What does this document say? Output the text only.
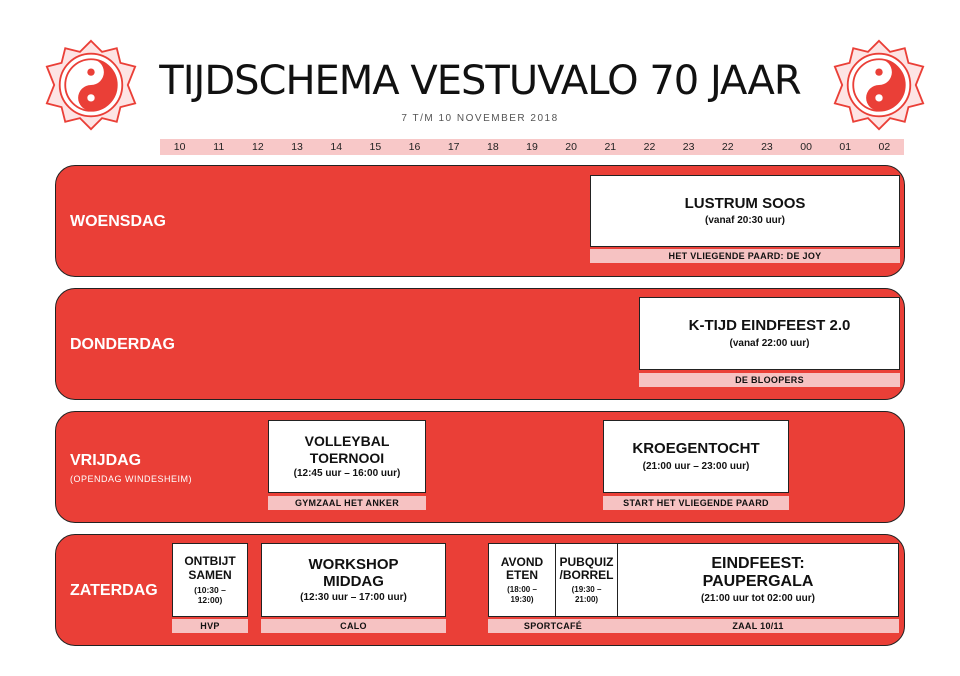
TIJDSCHEMA VESTUVALO 70 JAAR
7 T/M 10 NOVEMBER 2018
10	11	12	13	14	15	16	17	18	19	20	21	22	23	22	23	00	01	02
WOENSDAG
LUSTRUM SOOS
(vanaf 20:30 uur)
HET VLIEGENDE PAARD: DE JOY
DONDERDAG
K-TIJD EINDFEEST 2.0
(vanaf 22:00 uur)
DE BLOOPERS
VRIJDAG
(OPENDAG WINDESHEIM)
VOLLEYBAL
TOERNOOI
(12:45 uur – 16:00 uur)
GYMZAAL HET ANKER
KROEGENTOCHT
(21:00 uur – 23:00 uur)
START HET VLIEGENDE PAARD
ZATERDAG
ONTBIJT
SAMEN
(10:30 –
12:00)
HVP
WORKSHOP
MIDDAG
(12:30 uur – 17:00 uur)
CALO
AVOND
ETEN
(18:00 –
19:30)
PUBQUIZ
/BORREL
(19:30 –
21:00)
SPORTCAFÉ
EINDFEEST:
PAUPERGALA
(21:00 uur tot 02:00 uur)
ZAAL 10/11
